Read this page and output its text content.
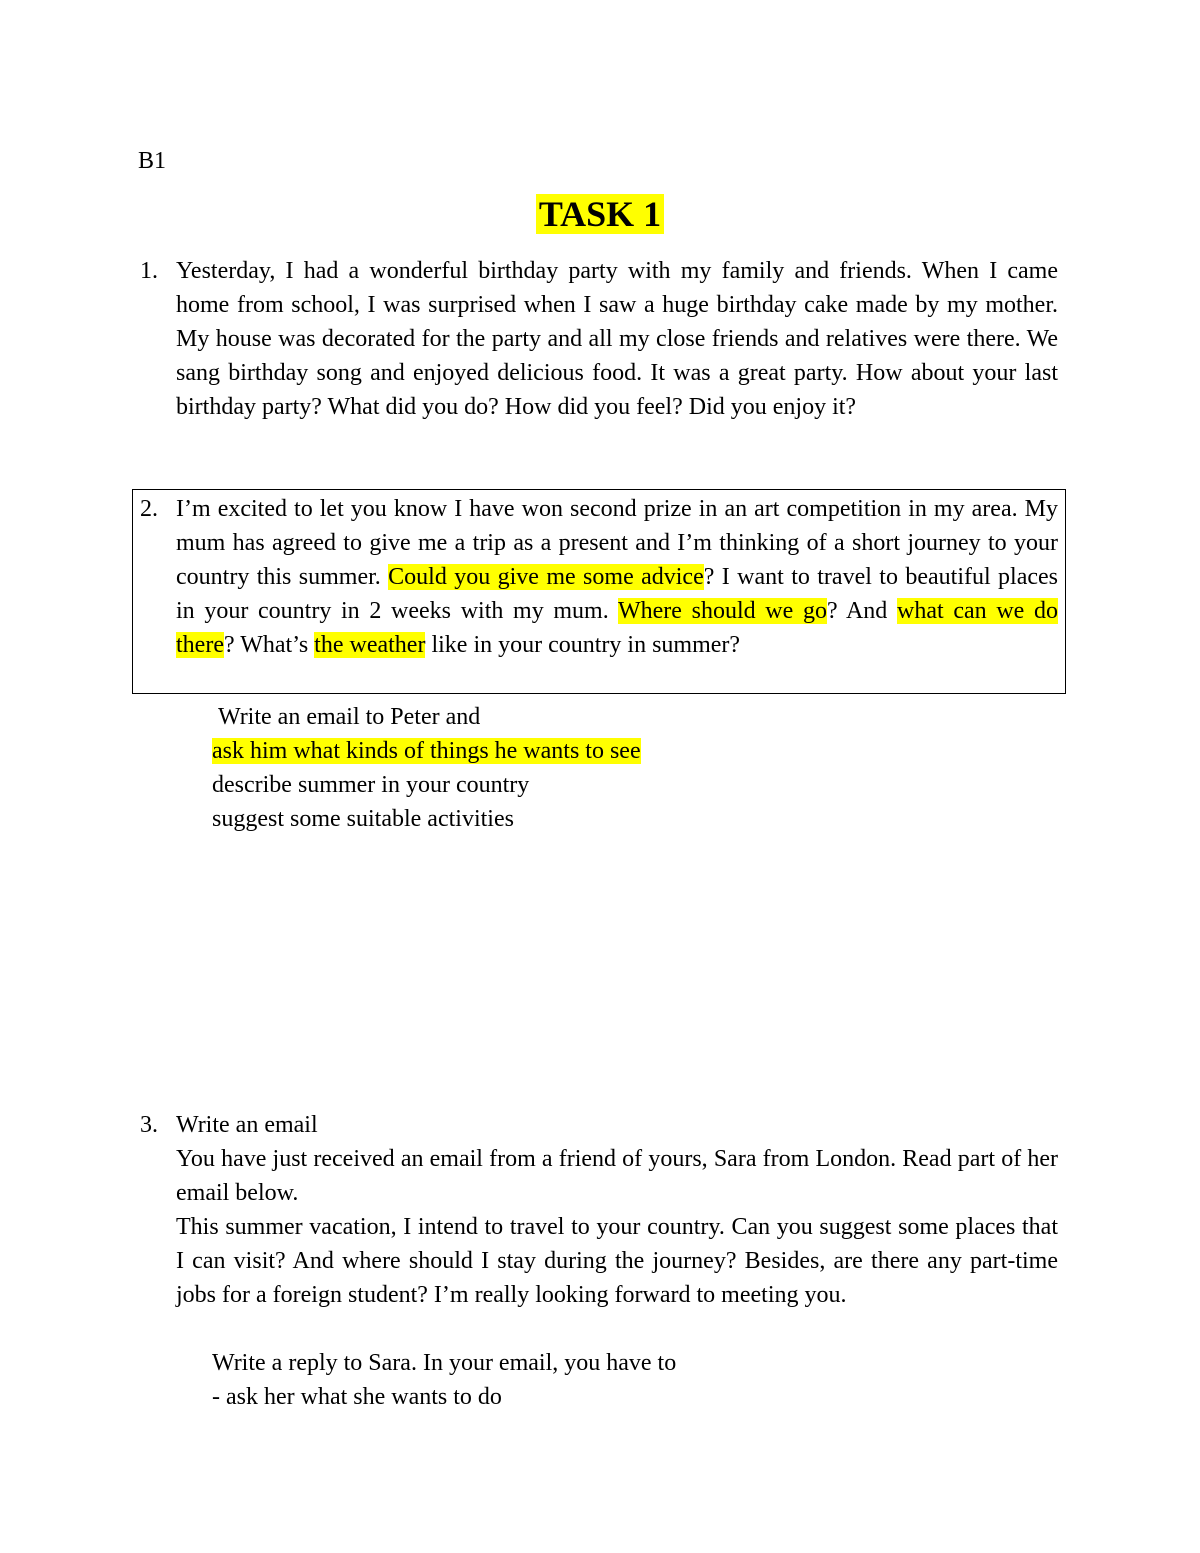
B1
TASK 1
1. Yesterday, I had a wonderful birthday party with my family and friends. When I came home from school, I was surprised when I saw a huge birthday cake made by my mother. My house was decorated for the party and all my close friends and relatives were there. We sang birthday song and enjoyed delicious food. It was a great party. How about your last birthday party? What did you do? How did you feel? Did you enjoy it?

2. I’m excited to let you know I have won second prize in an art competition in my area. My mum has agreed to give me a trip as a present and I’m thinking of a short journey to your country this summer. Could you give me some advice? I want to travel to beautiful places in your country in 2 weeks with my mum. Where should we go? And what can we do there? What’s the weather like in your country in summer?

Write an email to Peter and
ask him what kinds of things he wants to see
describe summer in your country
suggest some suitable activities
3. Write an email

You have just received an email from a friend of yours, Sara from London. Read part of her email below.

This summer vacation, I intend to travel to your country. Can you suggest some places that I can visit? And where should I stay during the journey? Besides, are there any part-time jobs for a foreign student? I’m really looking forward to meeting you.

Write a reply to Sara. In your email, you have to
- ask her what she wants to do
